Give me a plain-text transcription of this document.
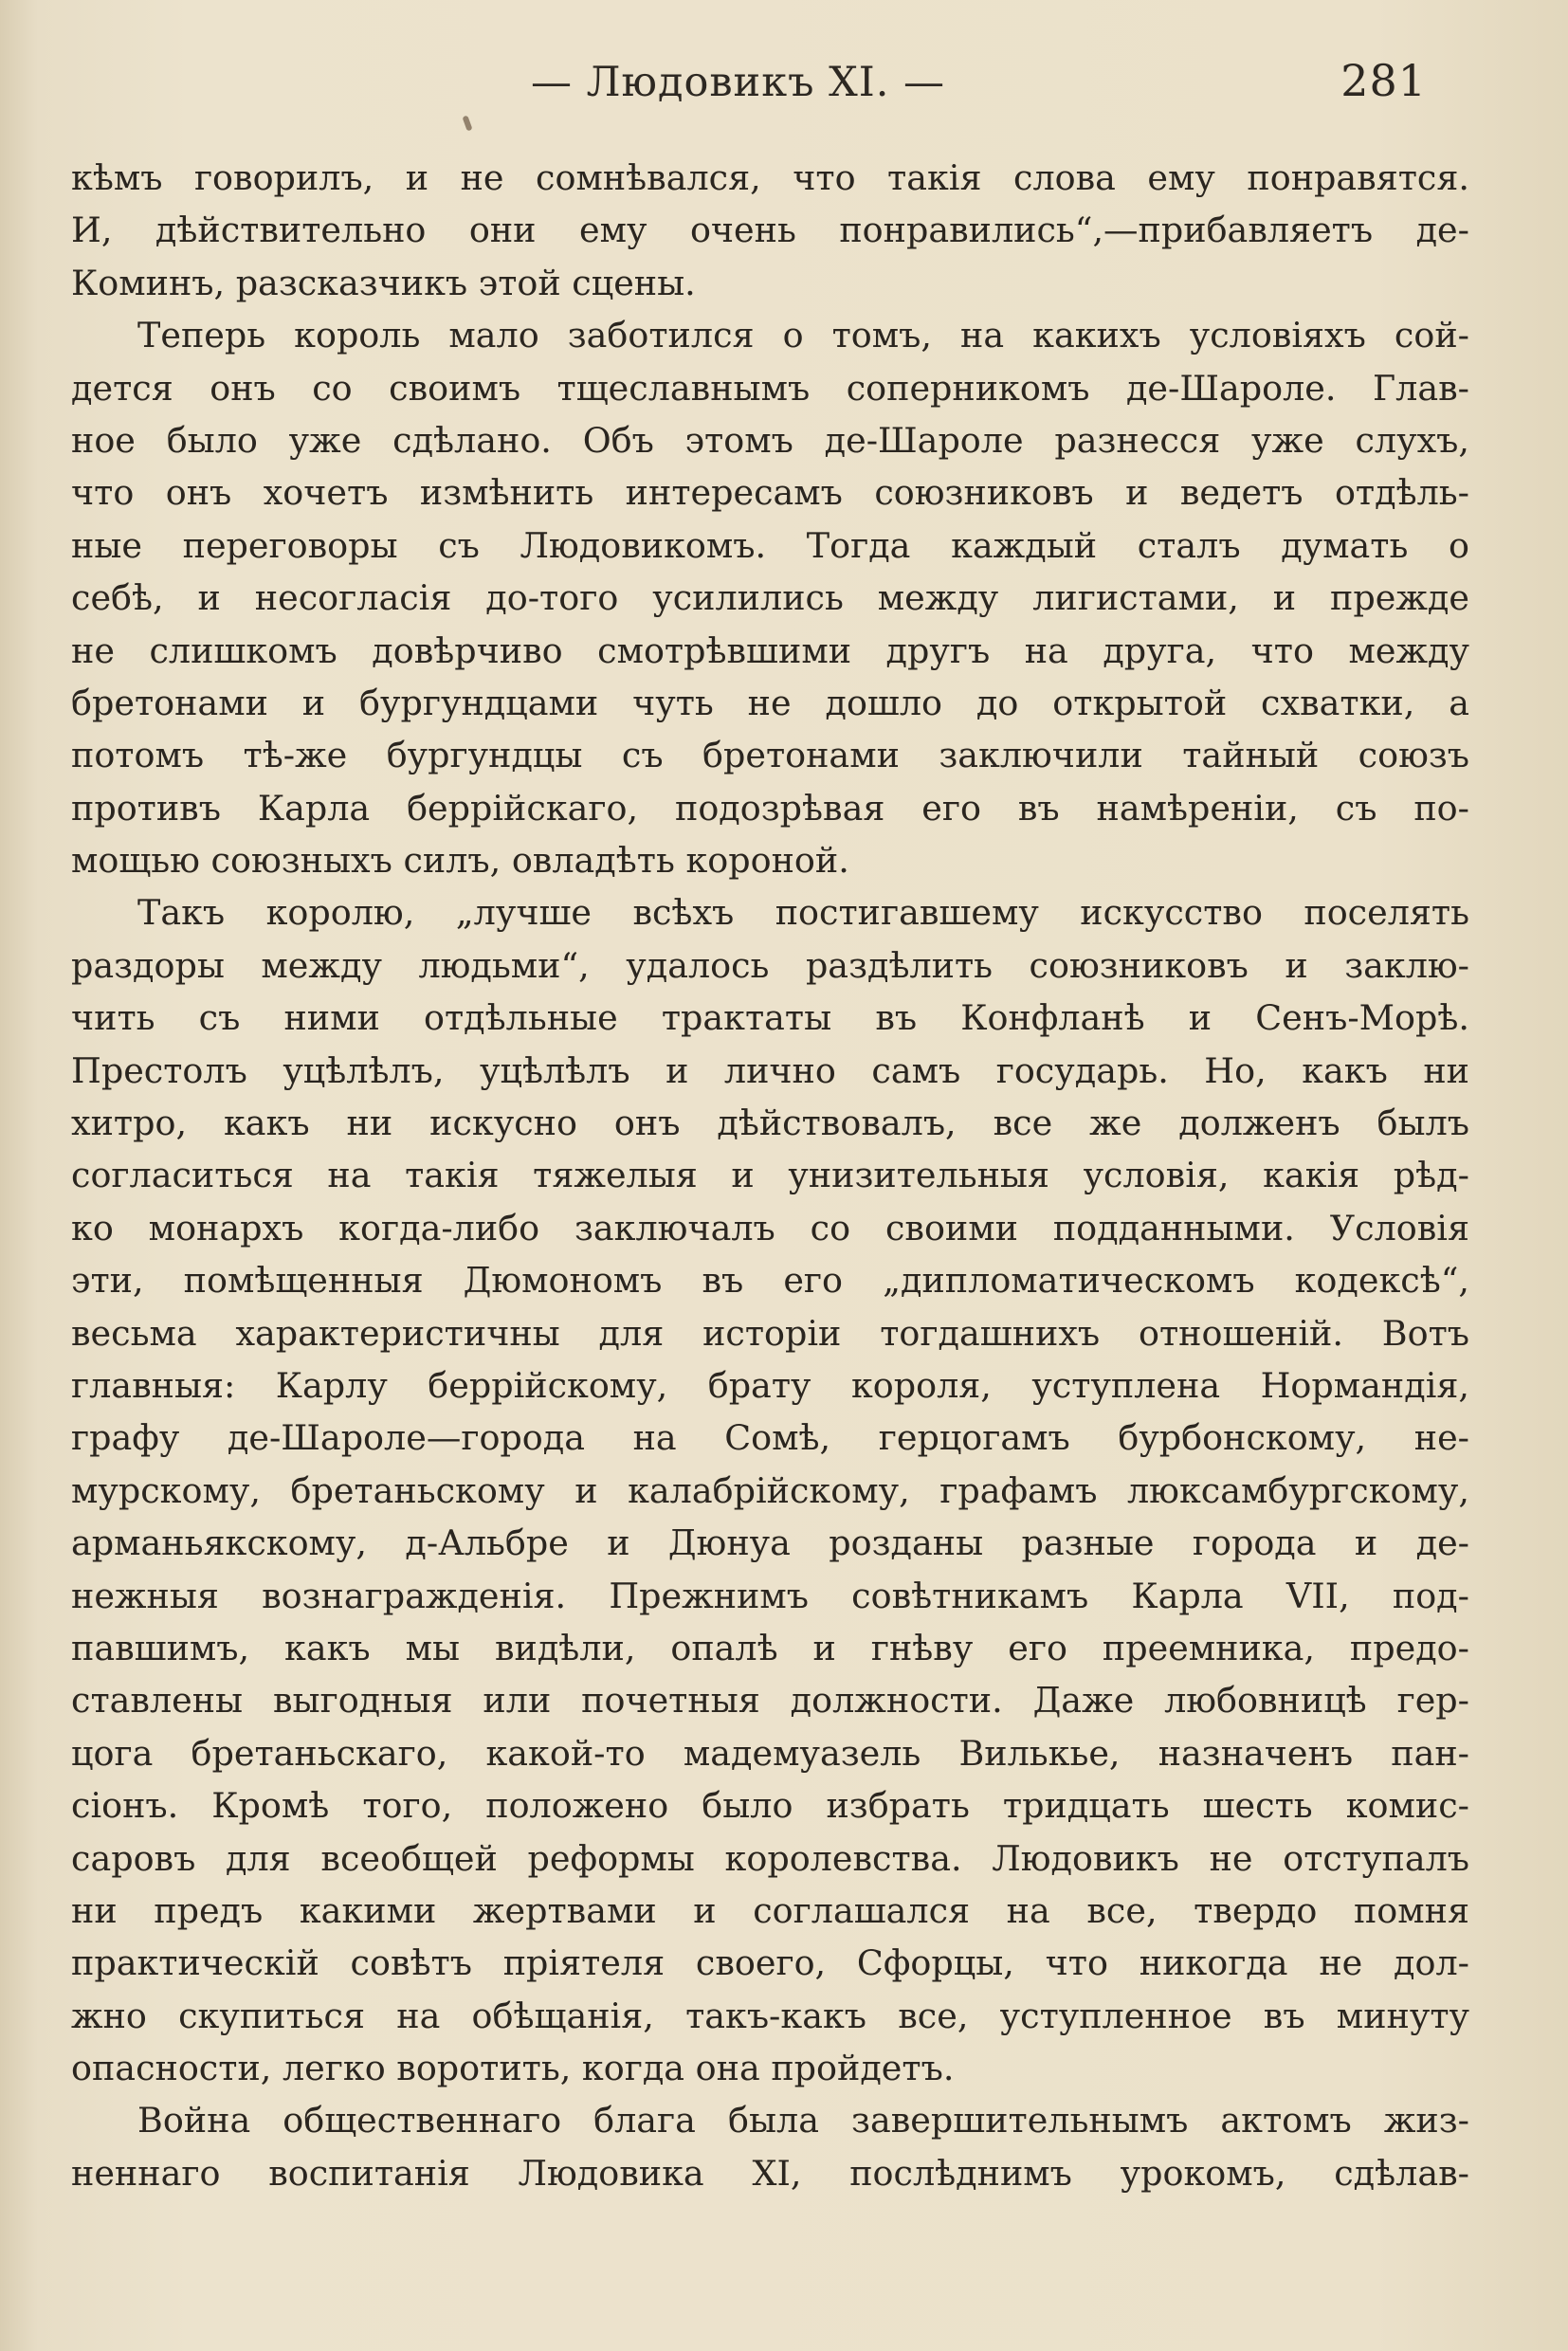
— Людовикъ XI. —	281
кѣмъ говорилъ, и не сомнѣвался, что такія слова ему понравятся.
И, дѣйствительно они ему очень понравились“,—прибавляетъ де-
Коминъ, разсказчикъ этой сцены.
Теперь король мало заботился о томъ, на какихъ условіяхъ сой-
дется онъ со своимъ тщеславнымъ соперникомъ де-Шароле. Глав-
ное было уже сдѣлано. Объ этомъ де-Шароле разнесся уже слухъ,
что онъ хочетъ измѣнить интересамъ союзниковъ и ведетъ отдѣль-
ные переговоры съ Людовикомъ. Тогда каждый сталъ думать о
себѣ, и несогласія до-того усилились между лигистами, и прежде
не слишкомъ довѣрчиво смотрѣвшими другъ на друга, что между
бретонами и бургундцами чуть не дошло до открытой схватки, а
потомъ тѣ-же бургундцы съ бретонами заключили тайный союзъ
противъ Карла беррійскаго, подозрѣвая его въ намѣреніи, съ по-
мощью союзныхъ силъ, овладѣть короной.
Такъ королю, „лучше всѣхъ постигавшему искусство поселять
раздоры между людьми“, удалось раздѣлить союзниковъ и заклю-
чить съ ними отдѣльные трактаты въ Конфланѣ и Сенъ-Морѣ.
Престолъ уцѣлѣлъ, уцѣлѣлъ и лично самъ государь. Но, какъ ни
хитро, какъ ни искусно онъ дѣйствовалъ, все же долженъ былъ
согласиться на такія тяжелыя и унизительныя условія, какія рѣд-
ко монархъ когда-либо заключалъ со своими подданными. Условія
эти, помѣщенныя Дюмономъ въ его „дипломатическомъ кодексѣ“,
весьма характеристичны для исторіи тогдашнихъ отношеній. Вотъ
главныя: Карлу беррійскому, брату короля, уступлена Нормандія,
графу де-Шароле—города на Сомѣ, герцогамъ бурбонскому, не-
мурскому, бретаньскому и калабрійскому, графамъ люксамбургскому,
арманьякскому, д-Альбре и Дюнуа розданы разные города и де-
нежныя вознагражденія. Прежнимъ совѣтникамъ Карла VII, под-
павшимъ, какъ мы видѣли, опалѣ и гнѣву его преемника, предо-
ставлены выгодныя или почетныя должности. Даже любовницѣ гер-
цога бретаньскаго, какой-то мадемуазель Вилькье, назначенъ пан-
сіонъ. Кромѣ того, положено было избрать тридцать шесть комис-
саровъ для всеобщей реформы королевства. Людовикъ не отступалъ
ни предъ какими жертвами и соглашался на все, твердо помня
практическій совѣтъ пріятеля своего, Сфорцы, что никогда не дол-
жно скупиться на обѣщанія, такъ-какъ все, уступленное въ минуту
опасности, легко воротить, когда она пройдетъ.
Война общественнаго блага была завершительнымъ актомъ жиз-
неннаго воспитанія Людовика XI, послѣднимъ урокомъ, сдѣлав-
